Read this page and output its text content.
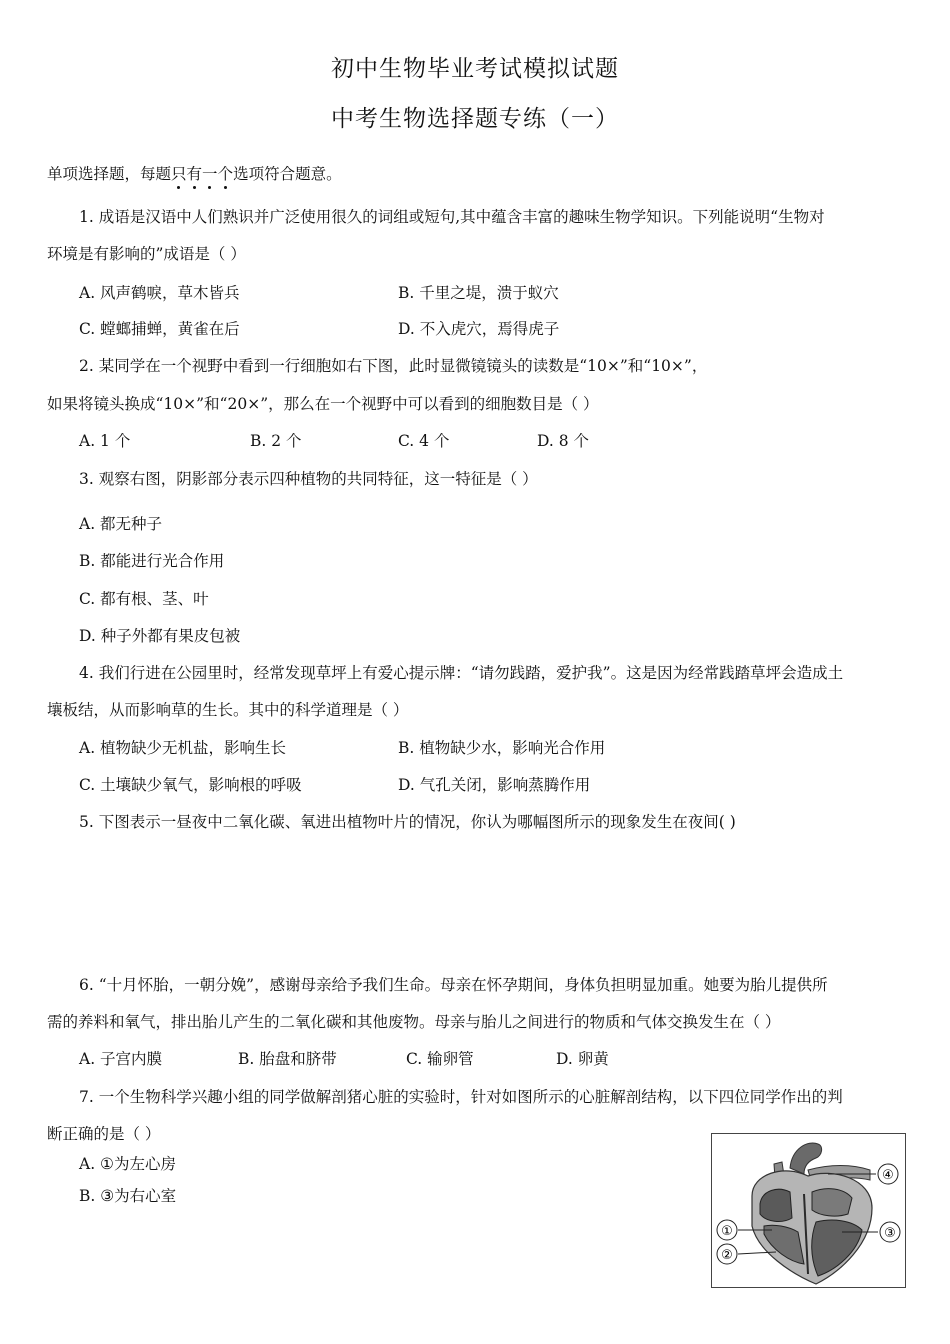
初中生物毕业考试模拟试题
中考生物选择题专练（一）
单项选择题，每题只有一个选项符合题意。
1. 成语是汉语中人们熟识并广泛使用很久的词组或短句,其中蕴含丰富的趣味生物学知识。下列能说明“生物对
环境是有影响的”成语是（ ）
A. 风声鹤唳，草木皆兵	B. 千里之堤，溃于蚁穴
C. 螳螂捕蝉，黄雀在后	D. 不入虎穴，焉得虎子
2. 某同学在一个视野中看到一行细胞如右下图，此时显微镜镜头的读数是“10×”和“10×”，
如果将镜头换成“10×”和“20×”，那么在一个视野中可以看到的细胞数目是（ ）
A. 1 个	B. 2 个	C. 4 个	D. 8 个
3. 观察右图，阴影部分表示四种植物的共同特征，这一特征是（ ）
A. 都无种子
B. 都能进行光合作用
C. 都有根、茎、叶
D. 种子外都有果皮包被
4. 我们行进在公园里时，经常发现草坪上有爱心提示牌：“请勿践踏，爱护我”。这是因为经常践踏草坪会造成土
壤板结，从而影响草的生长。其中的科学道理是（ ）
A. 植物缺少无机盐，影响生长	B. 植物缺少水，影响光合作用
C. 土壤缺少氧气，影响根的呼吸	D. 气孔关闭，影响蒸腾作用
5. 下图表示一昼夜中二氧化碳、氧进出植物叶片的情况，你认为哪幅图所示的现象发生在夜间( )
6. “十月怀胎，一朝分娩”，感谢母亲给予我们生命。母亲在怀孕期间，身体负担明显加重。她要为胎儿提供所
需的养料和氧气，排出胎儿产生的二氧化碳和其他废物。母亲与胎儿之间进行的物质和气体交换发生在（ ）
A. 子宫内膜	B. 胎盘和脐带	C. 输卵管	D. 卵黄
7. 一个生物科学兴趣小组的同学做解剖猪心脏的实验时，针对如图所示的心脏解剖结构，以下四位同学作出的判
断正确的是（ ）
A. ①为左心房
B. ③为右心室
④
①	③
②
